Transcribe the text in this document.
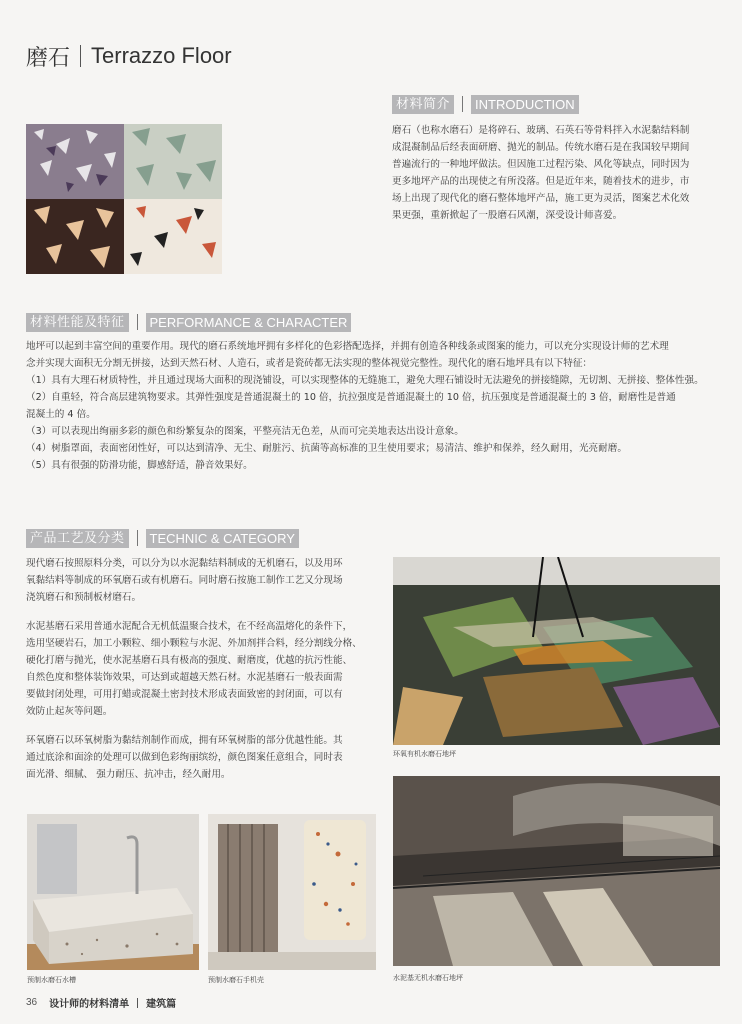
磨石 Terrazzo Floor
材料简介	INTRODUCTION
磨石（也称水磨石）是将碎石、玻璃、石英石等骨料拌入水泥黏结料制
成混凝制品后经表面研磨、抛光的制品。传统水磨石是在我国较早期间
普遍流行的一种地坪做法。但因施工过程污染、风化等缺点，同时因为
更多地坪产品的出现使之有所没落。但是近年来，随着技术的进步，市
场上出现了现代化的磨石整体地坪产品，施工更为灵活，图案艺术化效
果更强，重新掀起了一股磨石风潮，深受设计师喜爱。
材料性能及特征	PERFORMANCE & CHARACTER
地坪可以起到丰富空间的重要作用。现代的磨石系统地坪拥有多样化的色彩搭配选择，并拥有创造各种线条或图案的能力，可以充分实现设计师的艺术理
念并实现大面积无分割无拼接，达到天然石材、人造石，或者是瓷砖都无法实现的整体视觉完整性。现代化的磨石地坪具有以下特征：
（1）具有大理石材质特性，并且通过现场大面积的现浇铺设，可以实现整体的无缝施工，避免大理石铺设时无法避免的拼接缝隙，无切割、无拼接、整体性强。
（2）自重轻，符合高层建筑物要求。其弹性强度是普通混凝土的 10 倍，抗拉强度是普通混凝土的 10 倍，抗压强度是普通混凝土的 3 倍，耐磨性是普通
混凝土的 4 倍。
（3）可以表现出绚丽多彩的颜色和纷繁复杂的图案，平整亮洁无色差，从而可完美地表达出设计意象。
（4）树脂罩面，表面密闭性好，可以达到清净、无尘、耐脏污、抗菌等高标准的卫生使用要求；易清洁、维护和保养，经久耐用，光亮耐磨。
（5）具有很强的防滑功能，脚感舒适，静音效果好。
产品工艺及分类	TECHNIC & CATEGORY
现代磨石按照原料分类，可以分为以水泥黏结料制成的无机磨石，以及用环
氧黏结料等制成的环氧磨石或有机磨石。同时磨石按施工制作工艺又分现场
浇筑磨石和预制板材磨石。
水泥基磨石采用普通水泥配合无机低温聚合技术，在不经高温熔化的条件下，
选用坚硬岩石，加工小颗粒、细小颗粒与水泥、外加剂拌合料，经分割线分格、
硬化打磨与抛光，使水泥基磨石具有极高的强度、耐磨度，优越的抗污性能、
自然色度和整体装饰效果，可达到或超越天然石材。水泥基磨石一般表面需
要做封闭处理，可用打蜡或混凝土密封技术形成表面致密的封闭面，可以有
效防止起灰等问题。
环氧磨石以环氧树脂为黏结剂制作而成，拥有环氧树脂的部分优越性能。其
通过底涂和面涂的处理可以做到色彩绚丽缤纷，颜色图案任意组合，同时表
面光滑、细腻、 强力耐压、抗冲击，经久耐用。
环氧有机水磨石地坪
水泥基无机水磨石地坪
预制水磨石水槽	预制水磨石手机壳
36 设计师的材料清单 建筑篇
